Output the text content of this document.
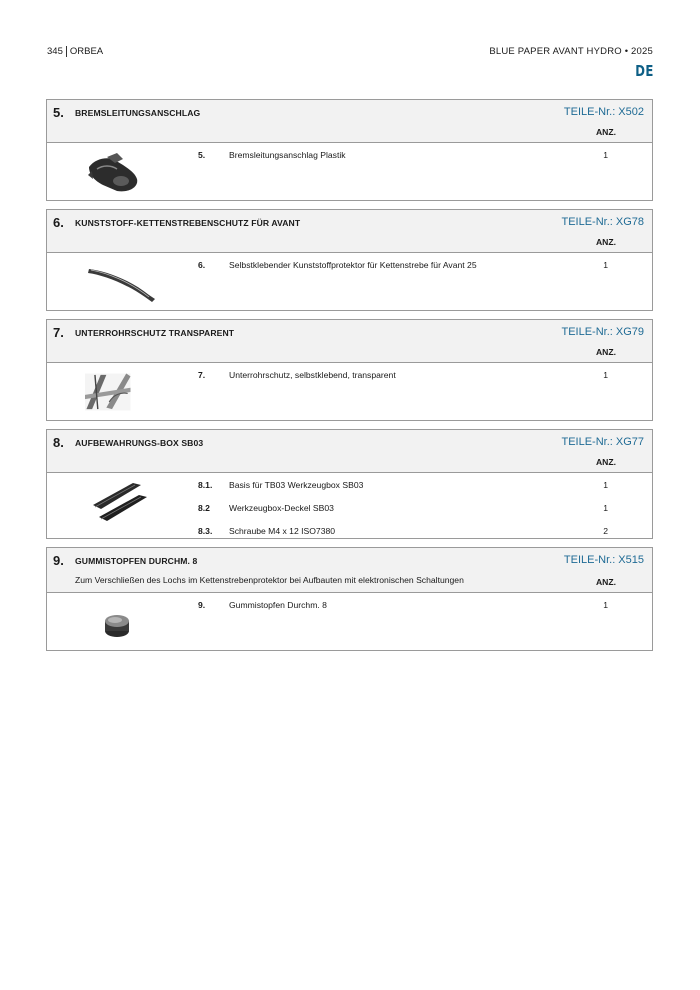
345 ORBEA	BLUE PAPER AVANT HYDRO • 2025
DE
5. BREMSLEITUNGSANSCHLAG	TEILE-Nr.: X502
ANZ.
5.	Bremsleitungsanschlag Plastik	1
6. KUNSTSTOFF-KETTENSTREBENSCHUTZ FÜR AVANT	TEILE-Nr.: XG78
ANZ.
6.	Selbstklebender Kunststoffprotektor für Kettenstrebe für Avant 25	1
7. UNTERROHRSCHUTZ TRANSPARENT	TEILE-Nr.: XG79
ANZ.
7.	Unterrohrschutz, selbstklebend, transparent	1
8. AUFBEWAHRUNGS-BOX SB03	TEILE-Nr.: XG77
ANZ.
8.1. Basis für TB03 Werkzeugbox SB03	1
8.2 Werkzeugbox-Deckel SB03	1
8.3. Schraube M4 x 12 ISO7380	2
9. GUMMISTOPFEN DURCHM. 8
Zum Verschließen des Lochs im Kettenstrebenprotektor bei Aufbauten mit elektronischen Schaltungen
TEILE-Nr.: X515
ANZ.
9.	Gummistopfen Durchm. 8	1
